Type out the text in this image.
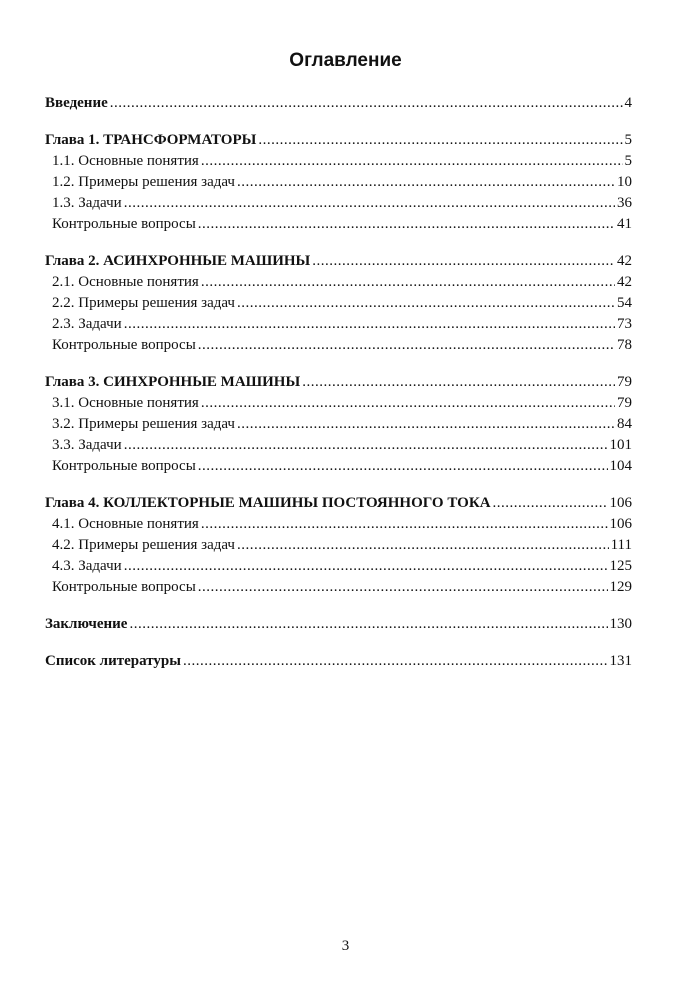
Оглавление
Введение .....	4
Глава 1. ТРАНСФОРМАТОРЫ .....	5
1.1. Основные понятия .....	5
1.2. Примеры решения задач .....	10
1.3. Задачи .....	36
Контрольные вопросы .....	41
Глава 2. АСИНХРОННЫЕ МАШИНЫ .....	42
2.1. Основные понятия .....	42
2.2. Примеры решения задач .....	54
2.3. Задачи .....	73
Контрольные вопросы .....	78
Глава 3. СИНХРОННЫЕ МАШИНЫ .....	79
3.1. Основные понятия .....	79
3.2. Примеры решения задач .....	84
3.3. Задачи .....	101
Контрольные вопросы .....	104
Глава 4. КОЛЛЕКТОРНЫЕ МАШИНЫ ПОСТОЯННОГО ТОКА .....	106
4.1. Основные понятия .....	106
4.2. Примеры решения задач .....	111
4.3. Задачи .....	125
Контрольные вопросы .....	129
Заключение .....	130
Список литературы .....	131
3
